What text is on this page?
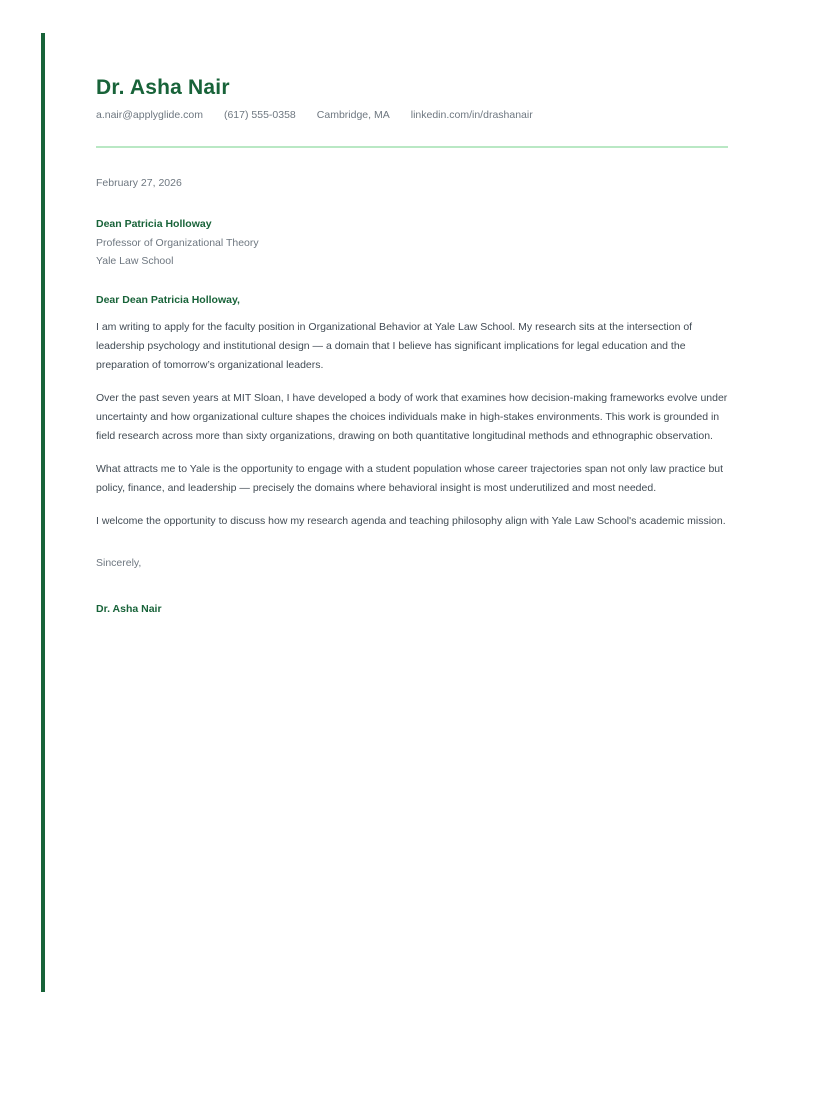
Dr. Asha Nair
a.nair@applyglide.com (617) 555-0358 Cambridge, MA linkedin.com/in/drashanair
February 27, 2026
Dean Patricia Holloway
Professor of Organizational Theory
Yale Law School
Dear Dean Patricia Holloway,

I am writing to apply for the faculty position in Organizational Behavior at Yale Law School. My research sits at the intersection of leadership psychology and institutional design — a domain that I believe has significant implications for legal education and the preparation of tomorrow’s organizational leaders.

Over the past seven years at MIT Sloan, I have developed a body of work that examines how decision-making frameworks evolve under uncertainty and how organizational culture shapes the choices individuals make in high-stakes environments. This work is grounded in field research across more than sixty organizations, drawing on both quantitative longitudinal methods and ethnographic observation.

What attracts me to Yale is the opportunity to engage with a student population whose career trajectories span not only law practice but policy, finance, and leadership — precisely the domains where behavioral insight is most underutilized and most needed.

I welcome the opportunity to discuss how my research agenda and teaching philosophy align with Yale Law School's academic mission.

Sincerely,
Dr. Asha Nair
